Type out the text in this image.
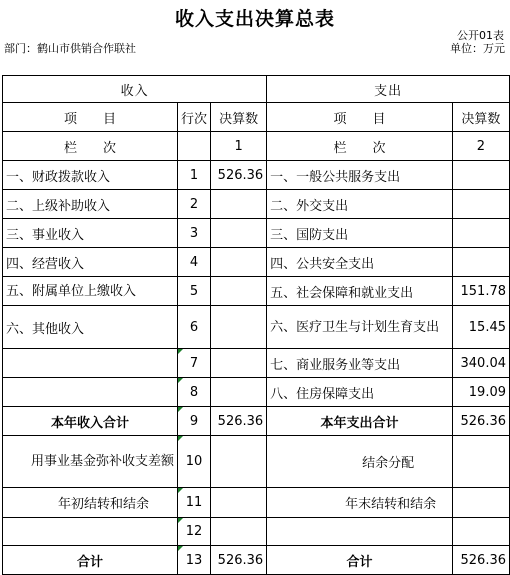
收入支出决算总表
公开01表
部门：鹤山市供销合作联社	单位：万元
收入			支出	
项　　目	行次	决算数	项　　目	决算数
栏　　次		1	栏　　次	2
一、财政拨款收入	1	526.36	一、一般公共服务支出	
二、上级补助收入	2		二、外交支出	
三、事业收入	3		三、国防支出	
四、经营收入	4		四、公共安全支出	
五、附属单位上缴收入	5		五、社会保障和就业支出	151.78
六、其他收入	6		六、医疗卫生与计划生育支出	15.45
	7		七、商业服务业等支出	340.04
	8		八、住房保障支出	19.09
本年收入合计	9	526.36	本年支出合计	526.36
用事业基金弥补收支差额	10		结余分配	
年初结转和结余	11		年末结转和结余	
	12			
合计	13	526.36	合计	526.36
